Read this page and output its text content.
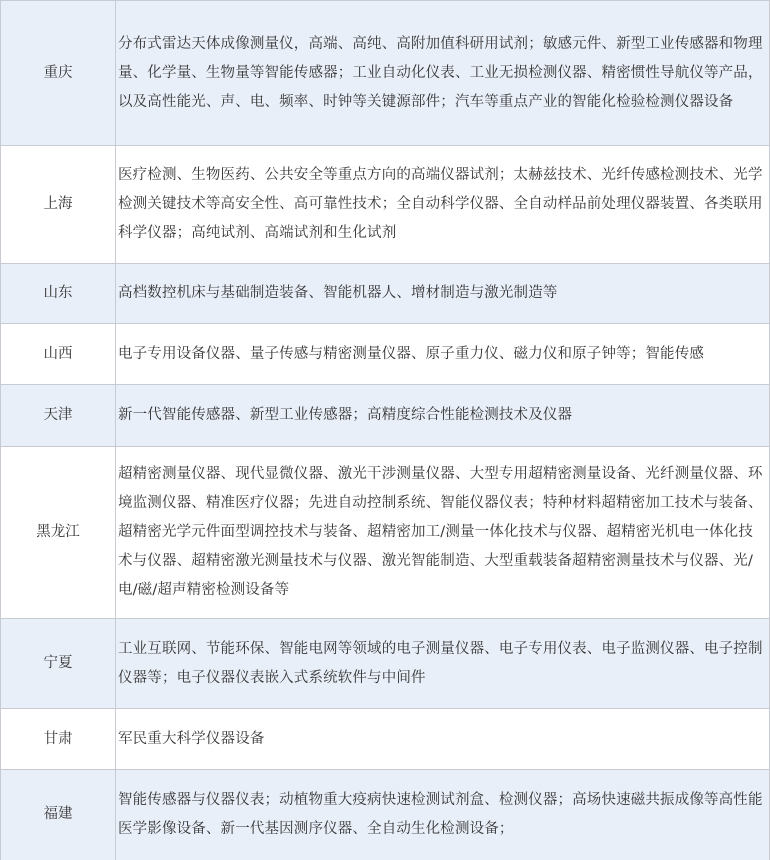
重庆	分布式雷达天体成像测量仪，高端、高纯、高附加值科研用试剂；敏感元件、新型工业传感器和物理量、化学量、生物量等智能传感器；工业自动化仪表、工业无损检测仪器、精密惯性导航仪等产品，以及高性能光、声、电、频率、时钟等关键源部件；汽车等重点产业的智能化检验检测仪器设备
上海	医疗检测、生物医药、公共安全等重点方向的高端仪器试剂；太赫兹技术、光纤传感检测技术、光学检测关键技术等高安全性、高可靠性技术；全自动科学仪器、全自动样品前处理仪器装置、各类联用科学仪器；高纯试剂、高端试剂和生化试剂
山东	高档数控机床与基础制造装备、智能机器人、增材制造与激光制造等
山西	电子专用设备仪器、量子传感与精密测量仪器、原子重力仪、磁力仪和原子钟等；智能传感
天津	新一代智能传感器、新型工业传感器；高精度综合性能检测技术及仪器
黑龙江	超精密测量仪器、现代显微仪器、激光干涉测量仪器、大型专用超精密测量设备、光纤测量仪器、环境监测仪器、精准医疗仪器；先进自动控制系统、智能仪器仪表；特种材料超精密加工技术与装备、超精密光学元件面型调控技术与装备、超精密加工/测量一体化技术与仪器、超精密光机电一体化技术与仪器、超精密激光测量技术与仪器、激光智能制造、大型重载装备超精密测量技术与仪器、光/电/磁/超声精密检测设备等
宁夏	工业互联网、节能环保、智能电网等领域的电子测量仪器、电子专用仪表、电子监测仪器、电子控制仪器等；电子仪器仪表嵌入式系统软件与中间件
甘肃	军民重大科学仪器设备
福建	智能传感器与仪器仪表；动植物重大疫病快速检测试剂盒、检测仪器；高场快速磁共振成像等高性能医学影像设备、新一代基因测序仪器、全自动生化检测设备；
